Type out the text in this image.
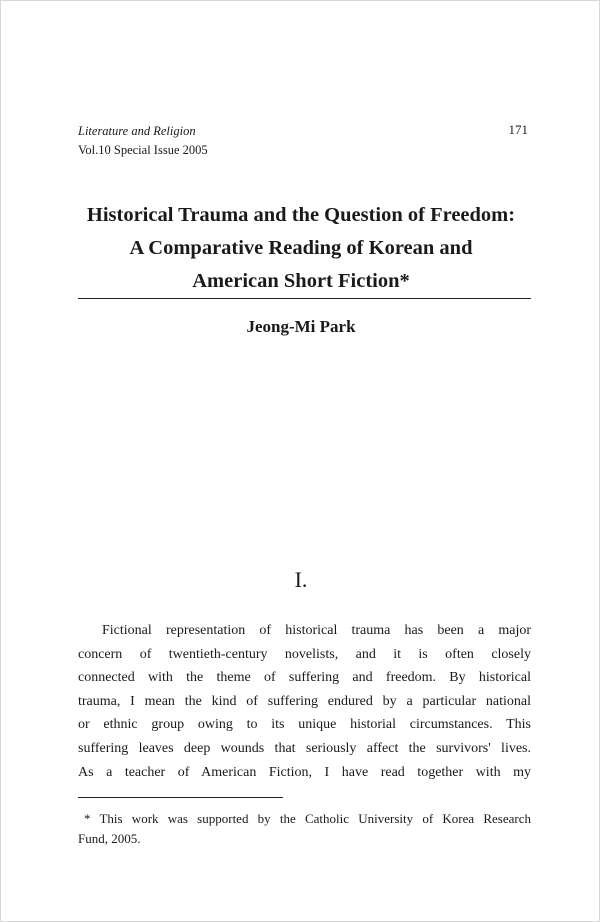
Literature and Religion
Vol.10 Special Issue 2005
171
Historical Trauma and the Question of Freedom:
A Comparative Reading of Korean and
American Short Fiction*
Jeong-Mi Park
I.
Fictional representation of historical trauma has been a major
concern of twentieth-century novelists, and it is often closely
connected with the theme of suffering and freedom. By historical
trauma, I mean the kind of suffering endured by a particular national
or ethnic group owing to its unique historial circumstances. This
suffering leaves deep wounds that seriously affect the survivors' lives.
As a teacher of American Fiction, I have read together with my
* This work was supported by the Catholic University of Korea Research
Fund, 2005.
